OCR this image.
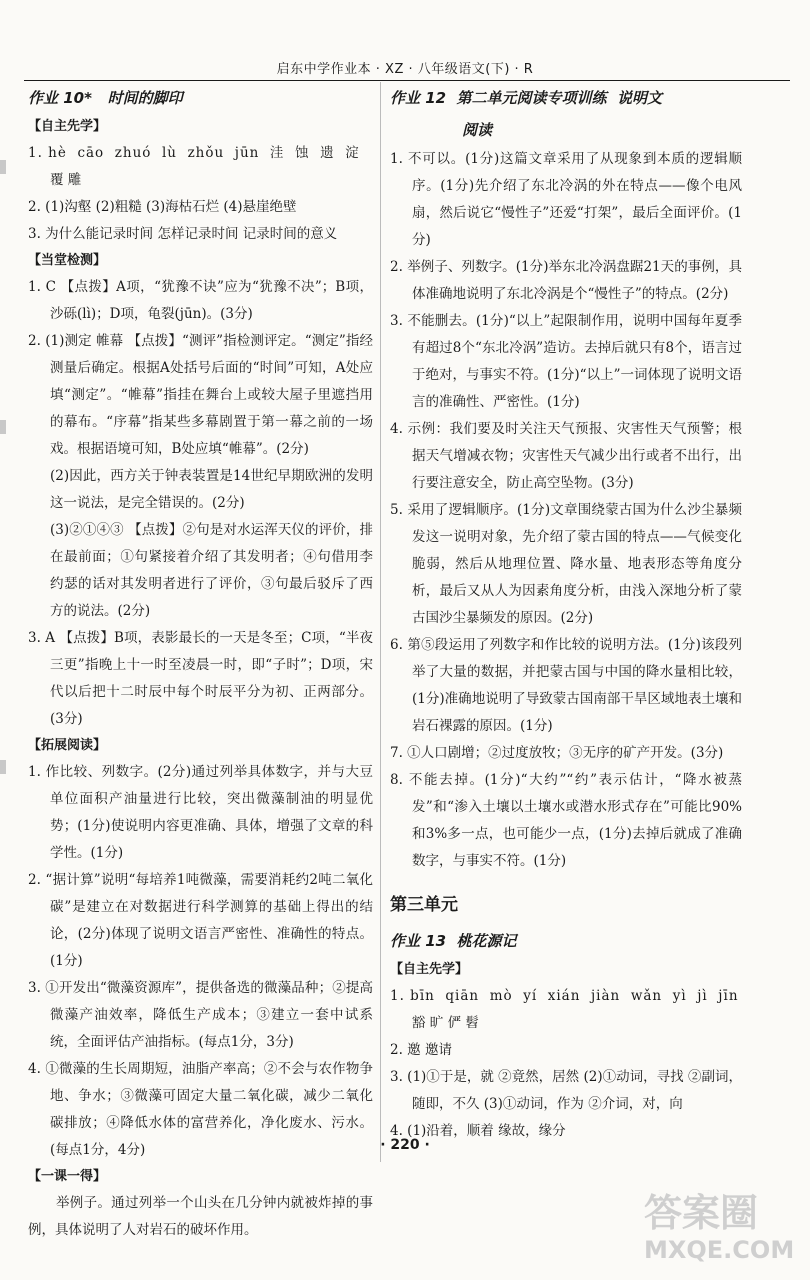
启东中学作业本 · XZ · 八年级语文(下) · R
作业 10*   时间的脚印
【自主先学】
1. hè  cāo  zhuó  lù  zhǒu  jūn  洼  蚀  遗  淀
覆 雕
2. (1)沟壑 (2)粗糙 (3)海枯石烂 (4)悬崖绝壁
3. 为什么能记录时间 怎样记录时间 记录时间的意义
【当堂检测】
1. C 【点拨】A项，“犹豫不诀”应为“犹豫不决”；B项，沙砾(lì)；D项，龟裂(jūn)。(3分)
2. (1)测定 帷幕 【点拨】“测评”指检测评定。“测定”指经测量后确定。根据A处括号后面的“时间”可知，A处应填“测定”。“帷幕”指挂在舞台上或较大屋子里遮挡用的幕布。“序幕”指某些多幕剧置于第一幕之前的一场戏。根据语境可知，B处应填“帷幕”。(2分)
(2)因此，西方关于钟表装置是14世纪早期欧洲的发明这一说法，是完全错误的。(2分)
(3)②①④③ 【点拨】②句是对水运浑天仪的评价，排在最前面；①句紧接着介绍了其发明者；④句借用李约瑟的话对其发明者进行了评价，③句最后驳斥了西方的说法。(2分)
3. A 【点拨】B项，表影最长的一天是冬至；C项，“半夜三更”指晚上十一时至凌晨一时，即“子时”；D项，宋代以后把十二时辰中每个时辰平分为初、正两部分。(3分)
【拓展阅读】
1. 作比较、列数字。(2分)通过列举具体数字，并与大豆单位面积产油量进行比较，突出微藻制油的明显优势；(1分)使说明内容更准确、具体，增强了文章的科学性。(1分)
2. “据计算”说明“每培养1吨微藻，需要消耗约2吨二氧化碳”是建立在对数据进行科学测算的基础上得出的结论，(2分)体现了说明文语言严密性、准确性的特点。(1分)
3. ①开发出“微藻资源库”，提供备选的微藻品种；②提高微藻产油效率，降低生产成本；③建立一套中试系统，全面评估产油指标。(每点1分，3分)
4. ①微藻的生长周期短，油脂产率高；②不会与农作物争地、争水；③微藻可固定大量二氧化碳，减少二氧化碳排放；④降低水体的富营养化，净化废水、污水。(每点1分，4分)
【一课一得】
举例子。通过列举一个山头在几分钟内就被炸掉的事例，具体说明了人对岩石的破坏作用。
作业 12  第二单元阅读专项训练  说明文
阅读
1. 不可以。(1分)这篇文章采用了从现象到本质的逻辑顺序。(1分)先介绍了东北冷涡的外在特点——像个电风扇，然后说它“慢性子”还爱“打架”，最后全面评价。(1分)
2. 举例子、列数字。(1分)举东北冷涡盘踞21天的事例，具体准确地说明了东北冷涡是个“慢性子”的特点。(2分)
3. 不能删去。(1分)“以上”起限制作用，说明中国每年夏季有超过8个“东北冷涡”造访。去掉后就只有8个，语言过于绝对，与事实不符。(1分)“以上”一词体现了说明文语言的准确性、严密性。(1分)
4. 示例：我们要及时关注天气预报、灾害性天气预警；根据天气增减衣物；灾害性天气减少出行或者不出行，出行要注意安全，防止高空坠物。(3分)
5. 采用了逻辑顺序。(1分)文章围绕蒙古国为什么沙尘暴频发这一说明对象，先介绍了蒙古国的特点——气候变化脆弱，然后从地理位置、降水量、地表形态等角度分析，最后又从人为因素角度分析，由浅入深地分析了蒙古国沙尘暴频发的原因。(2分)
6. 第⑤段运用了列数字和作比较的说明方法。(1分)该段列举了大量的数据，并把蒙古国与中国的降水量相比较，(1分)准确地说明了导致蒙古国南部干旱区域地表土壤和岩石裸露的原因。(1分)
7. ①人口剧增；②过度放牧；③无序的矿产开发。(3分)
8. 不能去掉。(1分)“大约”“约”表示估计，“降水被蒸发”和“渗入土壤以土壤水或潜水形式存在”可能比90%和3%多一点，也可能少一点，(1分)去掉后就成了准确数字，与事实不符。(1分)
第三单元
作业 13  桃花源记
【自主先学】
1. bīn  qiān  mò  yí  xián  jiàn  wǎn  yì  jì  jīn
豁 旷 俨 髫
2. 邀 邀请
3. (1)①于是，就 ②竟然，居然 (2)①动词，寻找 ②副词，随即，不久 (3)①动词，作为 ②介词，对，向
4. (1)沿着，顺着 缘故，缘分
· 220 ·
答案圈
MXQE.COM
